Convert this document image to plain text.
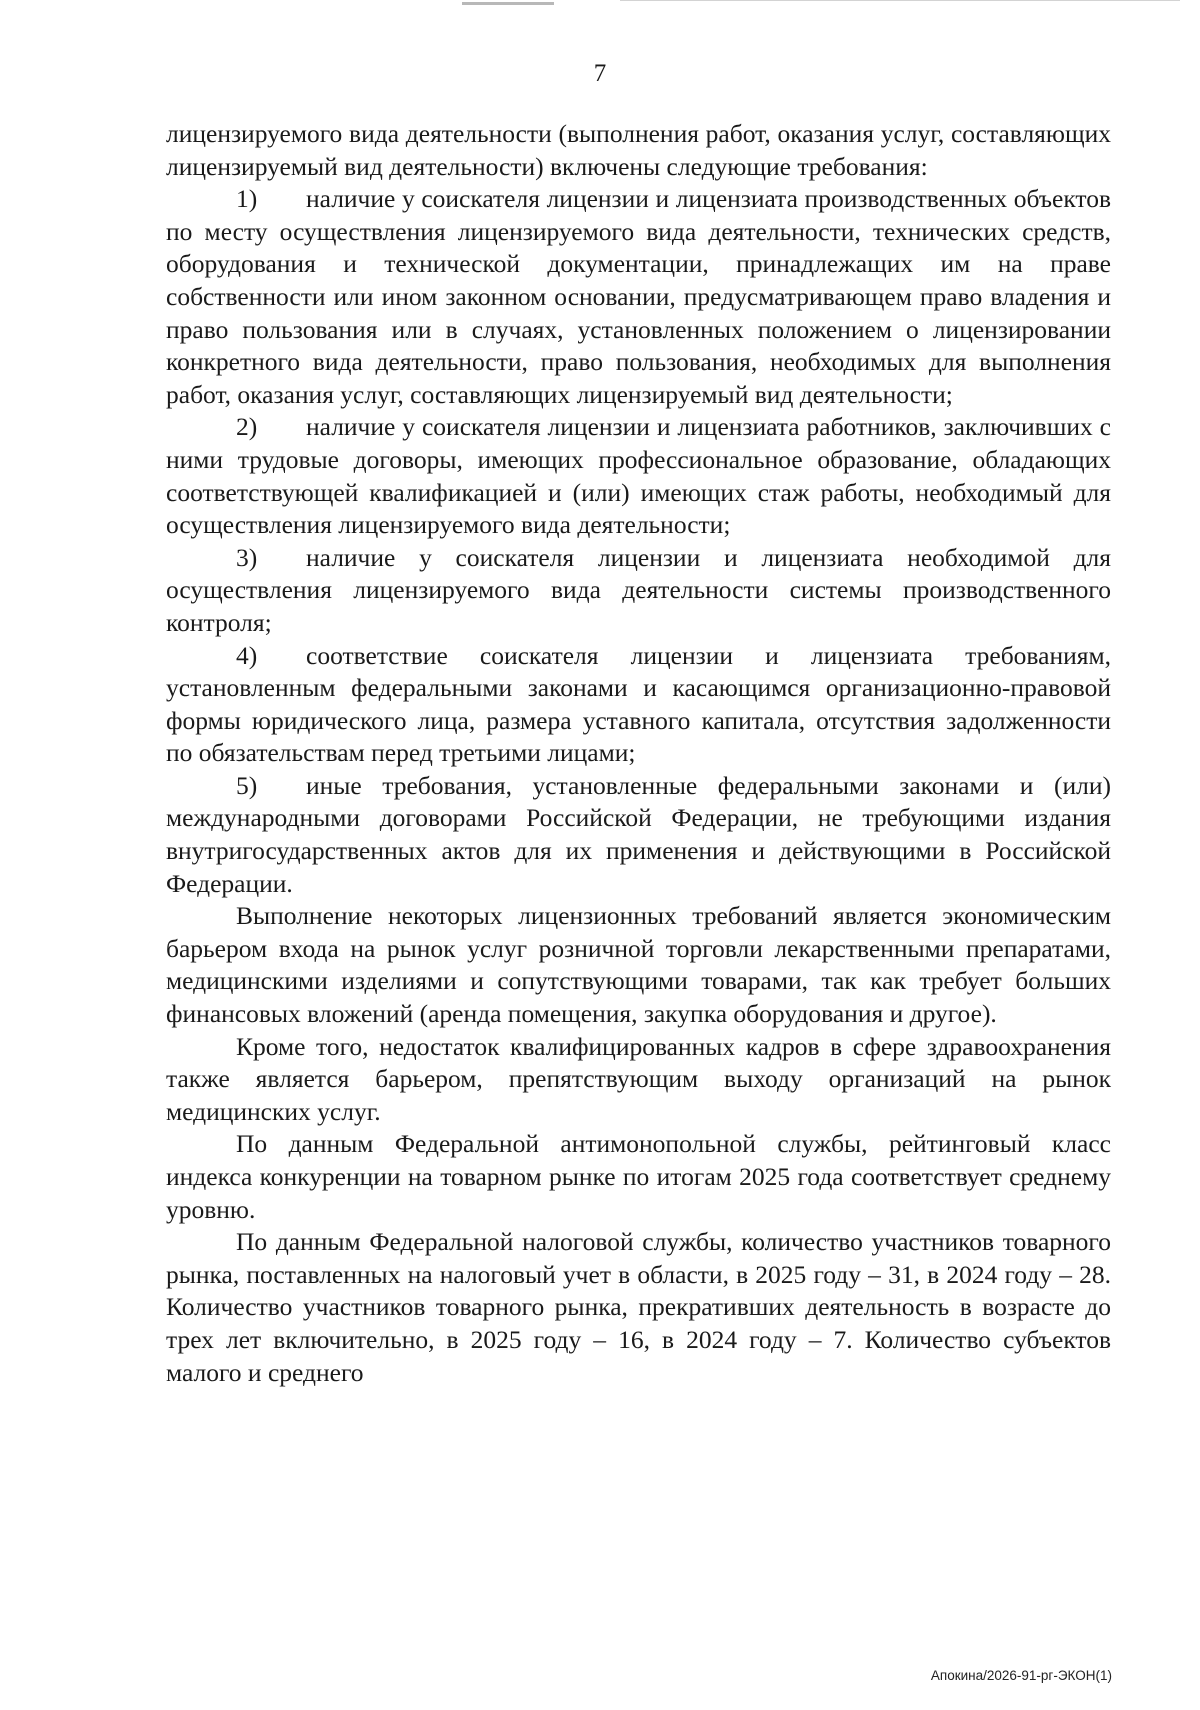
7

лицензируемого вида деятельности (выполнения работ, оказания услуг, составляющих лицензируемый вид деятельности) включены следующие требования:

1) наличие у соискателя лицензии и лицензиата производственных объектов по месту осуществления лицензируемого вида деятельности, технических средств, оборудования и технической документации, принадлежащих им на праве собственности или ином законном основании, предусматривающем право владения и право пользования или в случаях, установленных положением о лицензировании конкретного вида деятельности, право пользования, необходимых для выполнения работ, оказания услуг, составляющих лицензируемый вид деятельности;

2) наличие у соискателя лицензии и лицензиата работников, заключивших с ними трудовые договоры, имеющих профессиональное образование, обладающих соответствующей квалификацией и (или) имеющих стаж работы, необходимый для осуществления лицензируемого вида деятельности;

3) наличие у соискателя лицензии и лицензиата необходимой для осуществления лицензируемого вида деятельности системы производственного контроля;

4) соответствие соискателя лицензии и лицензиата требованиям, установленным федеральными законами и касающимся организационно-правовой формы юридического лица, размера уставного капитала, отсутствия задолженности по обязательствам перед третьими лицами;

5) иные требования, установленные федеральными законами и (или) международными договорами Российской Федерации, не требующими издания внутригосударственных актов для их применения и действующими в Российской Федерации.

Выполнение некоторых лицензионных требований является экономическим барьером входа на рынок услуг розничной торговли лекарственными препаратами, медицинскими изделиями и сопутствующими товарами, так как требует больших финансовых вложений (аренда помещения, закупка оборудования и другое).

Кроме того, недостаток квалифицированных кадров в сфере здравоохранения также является барьером, препятствующим выходу организаций на рынок медицинских услуг.

По данным Федеральной антимонопольной службы, рейтинговый класс индекса конкуренции на товарном рынке по итогам 2025 года соответствует среднему уровню.

По данным Федеральной налоговой службы, количество участников товарного рынка, поставленных на налоговый учет в области, в 2025 году – 31, в 2024 году – 28. Количество участников товарного рынка, прекративших деятельность в возрасте до трех лет включительно, в 2025 году – 16, в 2024 году – 7. Количество субъектов малого и среднего

Апокина/2026-91-рг-ЭКОН(1)
